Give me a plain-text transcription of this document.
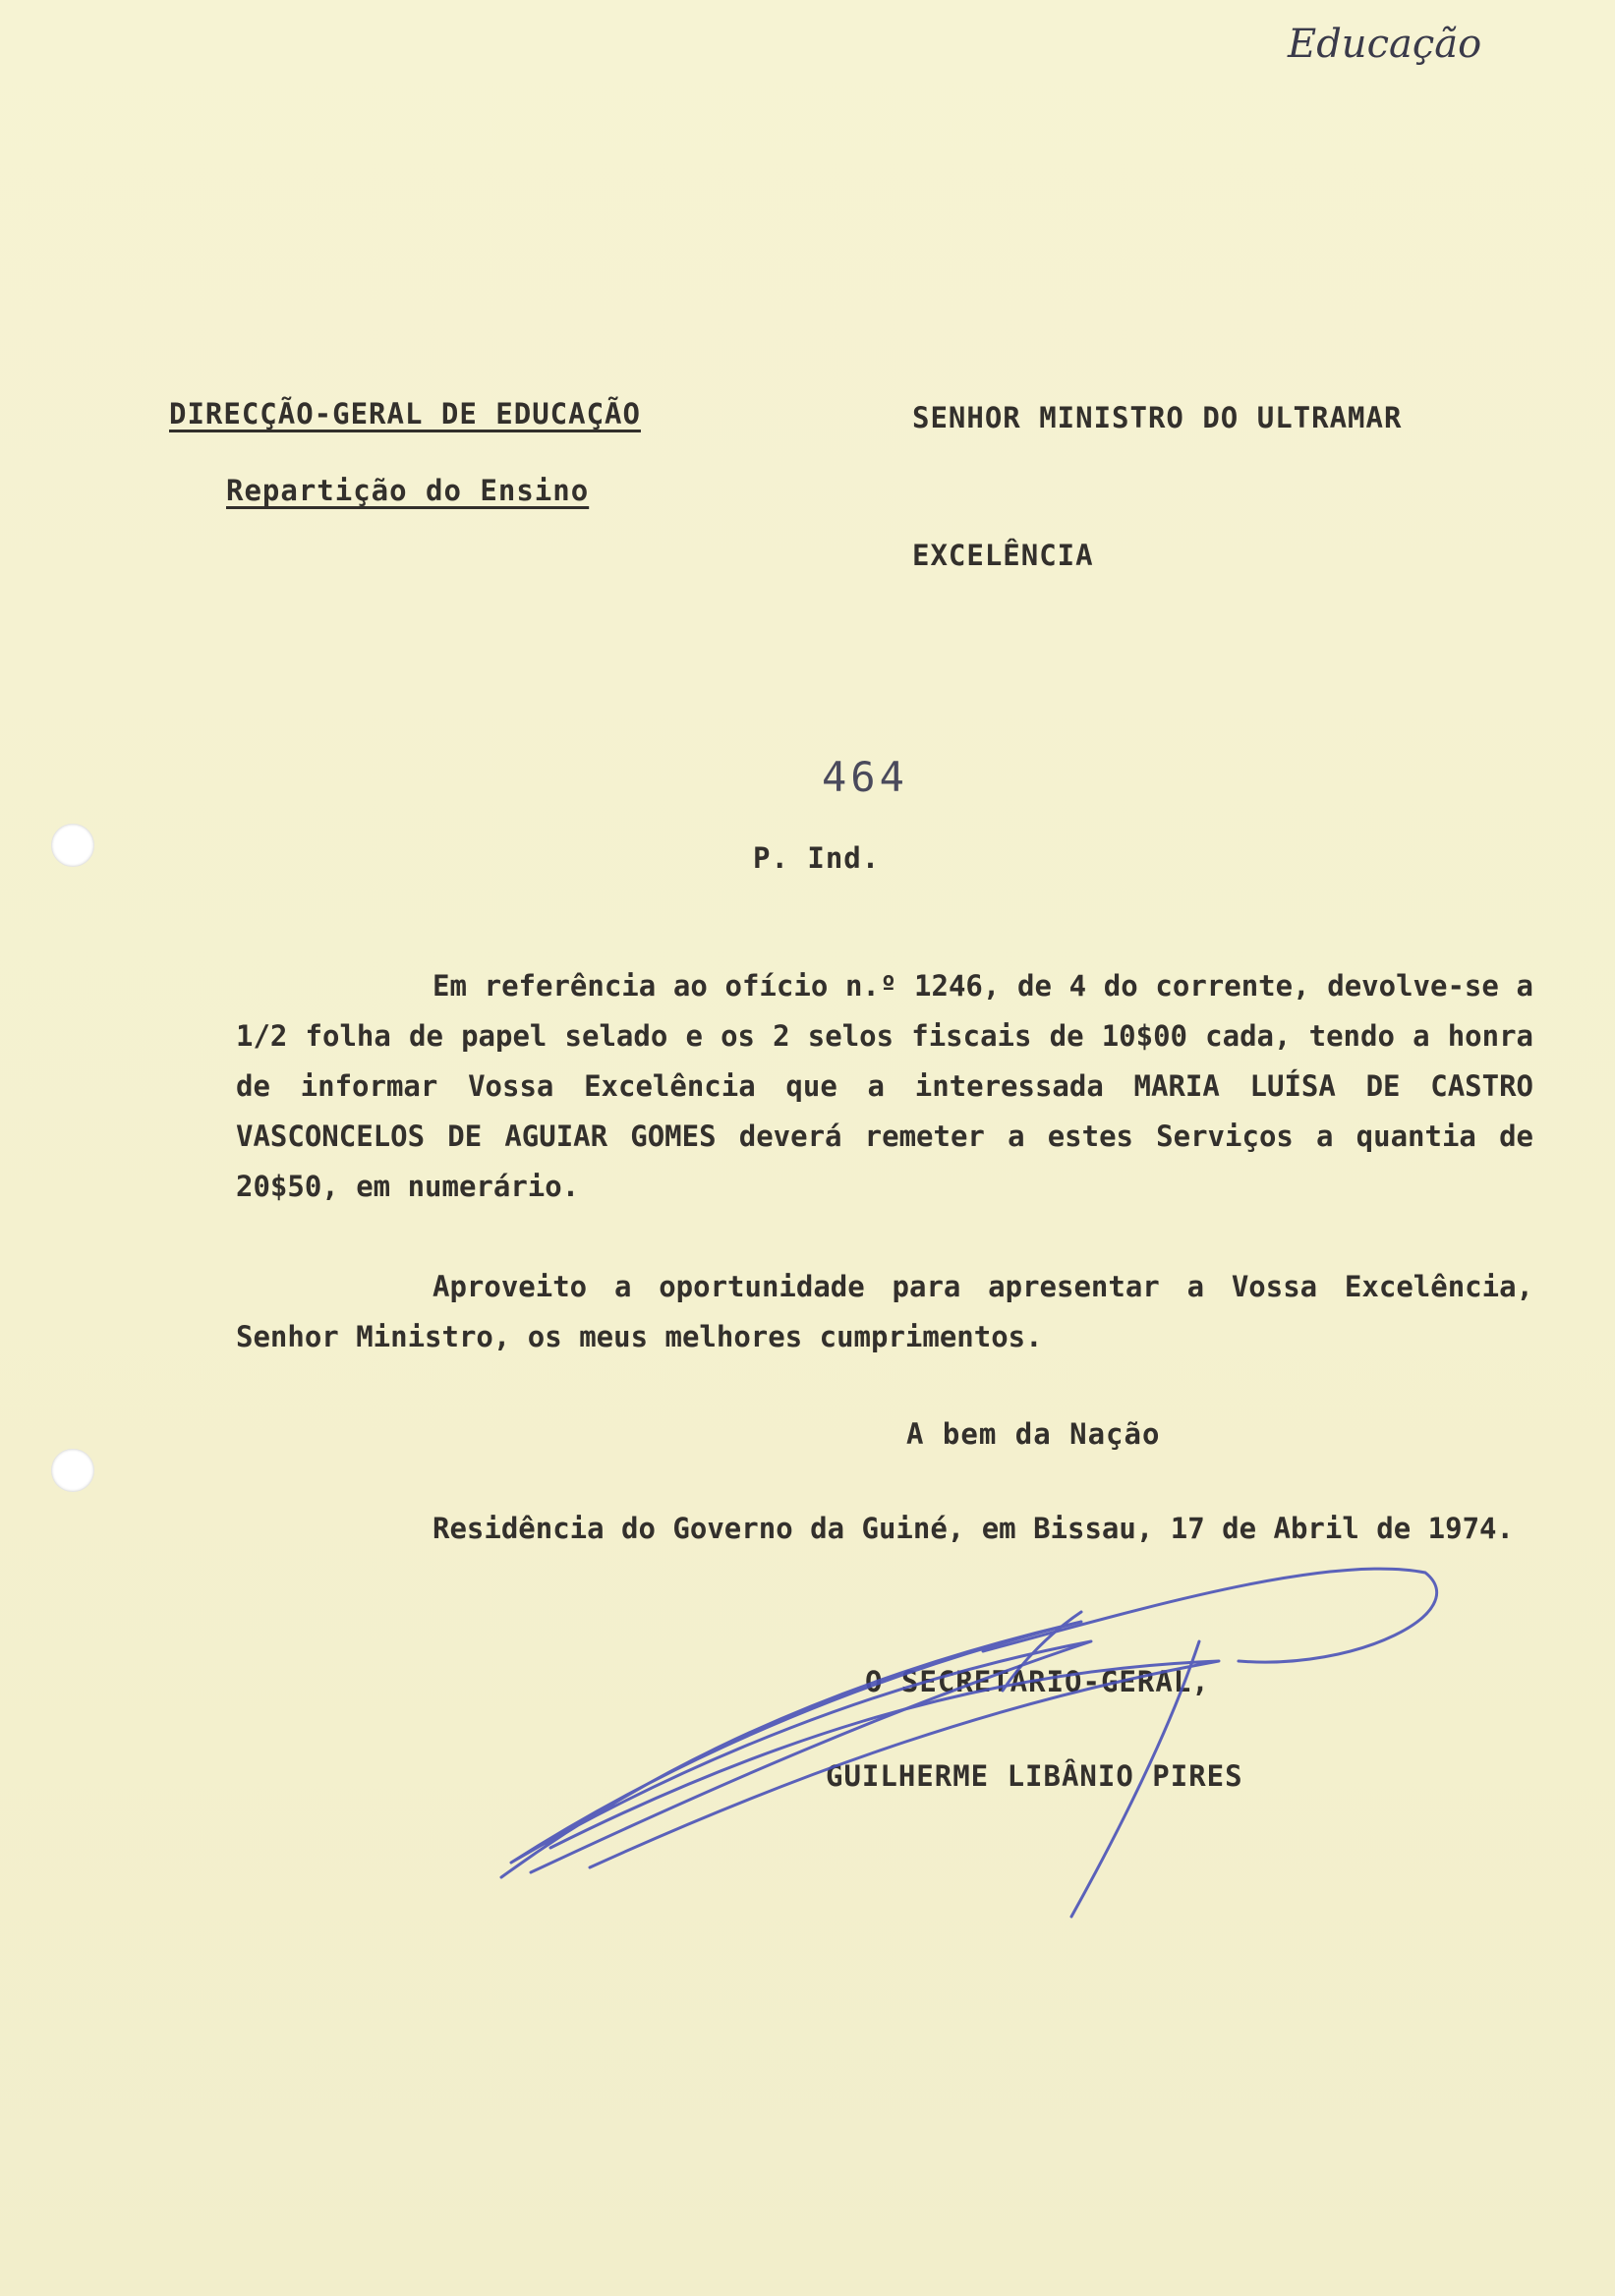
Educação
DIRECÇÃO-GERAL DE EDUCAÇÃO
Repartição do Ensino
SENHOR MINISTRO DO ULTRAMAR
EXCELÊNCIA
464
P. Ind.
Em referência ao ofício n.º 1246, de 4 do corrente, devolve-se a 1/2 folha de papel selado e os 2 selos fiscais de 10$00 cada, tendo a honra de informar Vossa Excelência que a interessada MARIA LUÍSA DE CASTRO VASCONCELOS DE AGUIAR GOMES deverá remeter a estes Serviços a quantia de 20$50, em numerário.
Aproveito a oportunidade para apresentar a Vossa Excelência, Senhor Ministro, os meus melhores cumprimentos.
A bem da Nação
Residência do Governo da Guiné, em Bissau, 17 de Abril de 1974.
O SECRETÁRIO-GERAL,
GUILHERME LIBÂNIO PIRES
